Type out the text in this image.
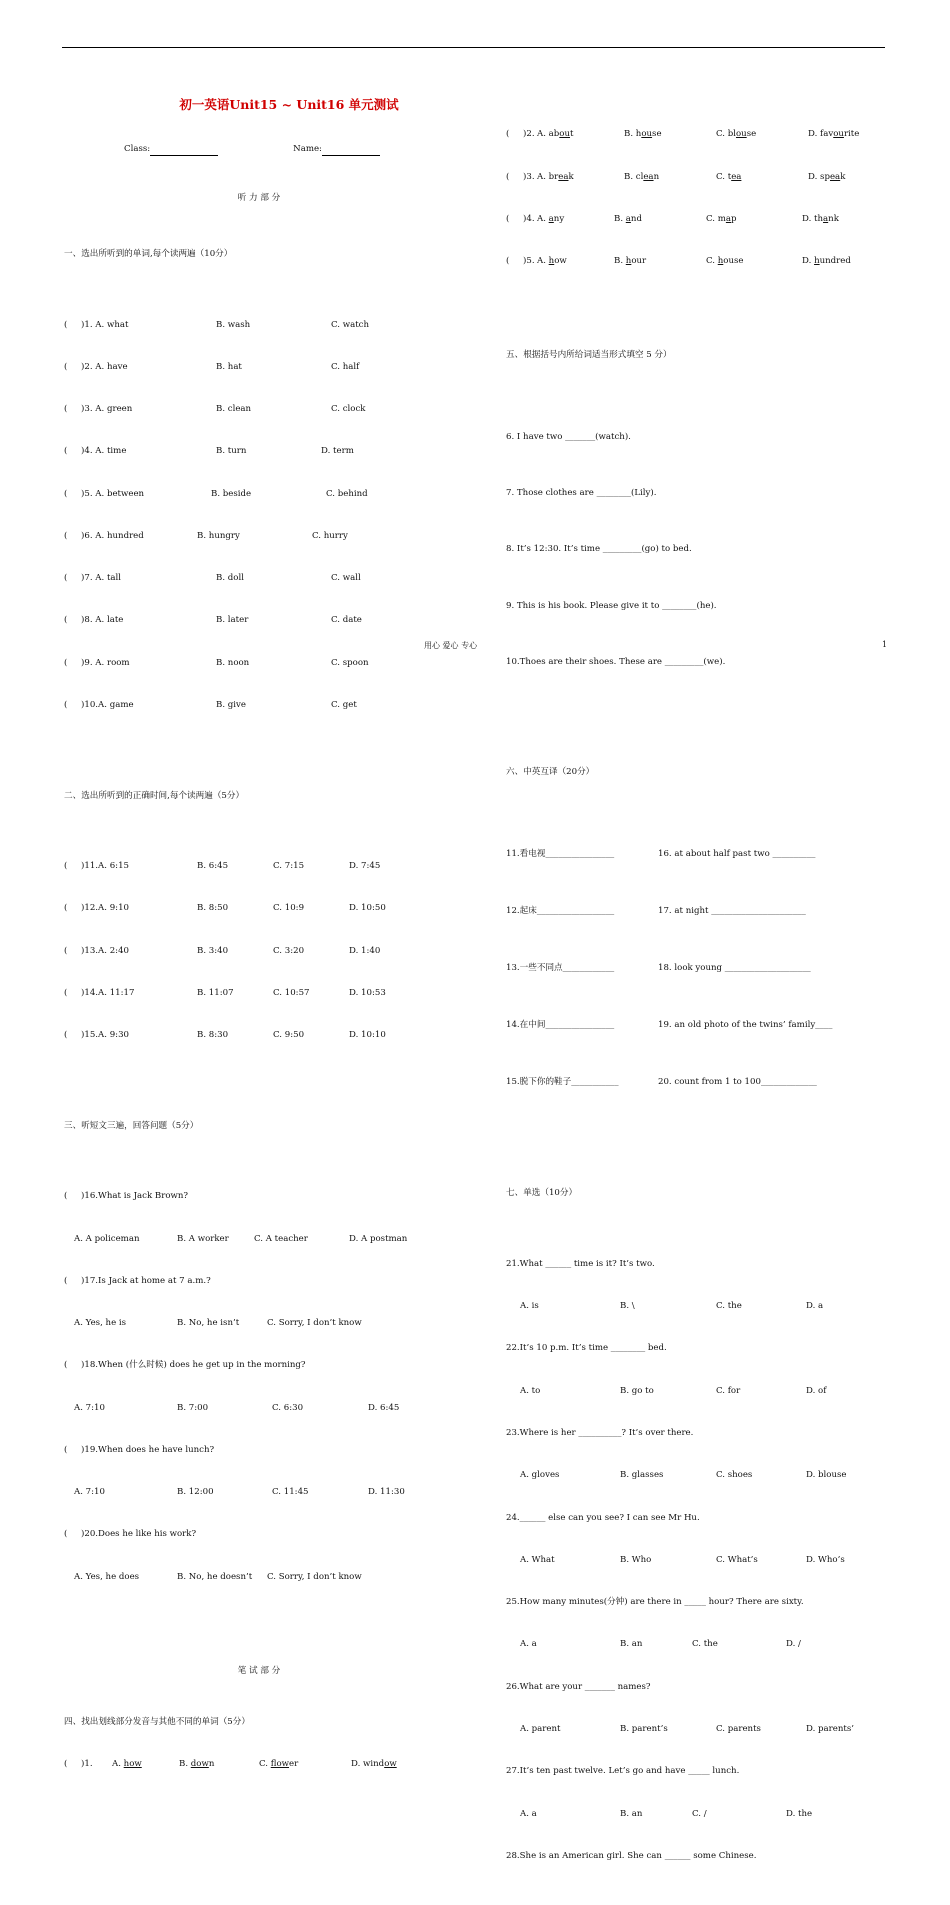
初一英语Unit15 ~ Unit16 单元测试

Class:	Name:

听 力 部 分

一、选出所听到的单词,每个读两遍（10分）

(     )1. A. what	B. wash	C. watch

(     )2. A. have	B. hat	C. half

(     )3. A. green	B. clean	C. clock

(     )4. A. time	B. turn	D. term

(     )5. A. between	B. beside	C. behind

(     )6. A. hundred	B. hungry	C. hurry

(     )7. A. tall	B. doll	C. wall

(     )8. A. late	B. later	C. date

(     )9. A. room	B. noon	C. spoon

(     )10.A. game	B. give	C. get

二、选出所听到的正确时间,每个读两遍（5分）

(     )11.A. 6:15	B. 6:45	C. 7:15	D. 7:45

(     )12.A. 9:10	B. 8:50	C. 10:9	D. 10:50

(     )13.A. 2:40	B. 3:40	C. 3:20	D. 1:40

(     )14.A. 11:17	B. 11:07	C. 10:57	D. 10:53

(     )15.A. 9:30	B. 8:30	C. 9:50	D. 10:10

三、听短文三遍，回答问题（5分）

(     )16.What is Jack Brown?

A. A policeman	B. A worker	C. A teacher	D. A postman

(     )17.Is Jack at home at 7 a.m.?

A. Yes, he is	B. No, he isn’t	C. Sorry, I don’t know

(     )18.When (什么时候) does he get up in the morning?

A. 7:10	B. 7:00	C. 6:30	D. 6:45

(     )19.When does he have lunch?

A. 7:10	B. 12:00	C. 11:45	D. 11:30

(     )20.Does he like his work?

A. Yes, he does	B. No, he doesn’t	C. Sorry, I don’t know

笔 试 部 分

四、找出划线部分发音与其他不同的单词（5分）

(     )1.	A. how	B. down	C. flower	D. window

(     )2. A. about	B. house	C. blouse	D. favourite

(     )3. A. break	B. clean	C. tea	D. speak

(     )4. A. any	B. and	C. map	D. thank

(     )5. A. how	B. hour	C. house	D. hundred

五、根据括号内所给词适当形式填空 5 分）

6. I have two _______(watch).

7. Those clothes are ________(Lily).

8. It’s 12:30. It’s time _________(go) to bed.

9. This is his book. Please give it to ________(he).

10.Thoes are their shoes. These are _________(we).

六、中英互译（20分）

11.看电视________________	16. at about half past two __________

12.起床__________________	17. at night ______________________

13.一些不同点____________	18. look young ____________________

14.在中间________________	19. an old photo of the twins’ family____

15.脱下你的鞋子___________	20. count from 1 to 100_____________

七、单选（10分）

21.What ______ time is it? It’s two.

A. is	B. \	C. the	D. a

22.It’s 10 p.m. It’s time ________ bed.

A. to	B. go to	C. for	D. of

23.Where is her __________? It’s over there.

A. gloves	B. glasses	C. shoes	D. blouse

24.______ else can you see? I can see Mr Hu.

A. What	B. Who	C. What’s	D. Who’s

25.How many minutes(分钟) are there in _____ hour? There are sixty.

A. a	B. an	C. the	D. /

26.What are your _______ names?

A. parent	B. parent’s	C. parents	D. parents’

27.It’s ten past twelve. Let’s go and have _____ lunch.

A. a	B. an	C. /	D. the

28.She is an American girl. She can ______ some Chinese.

用心 爱心 专心	1
